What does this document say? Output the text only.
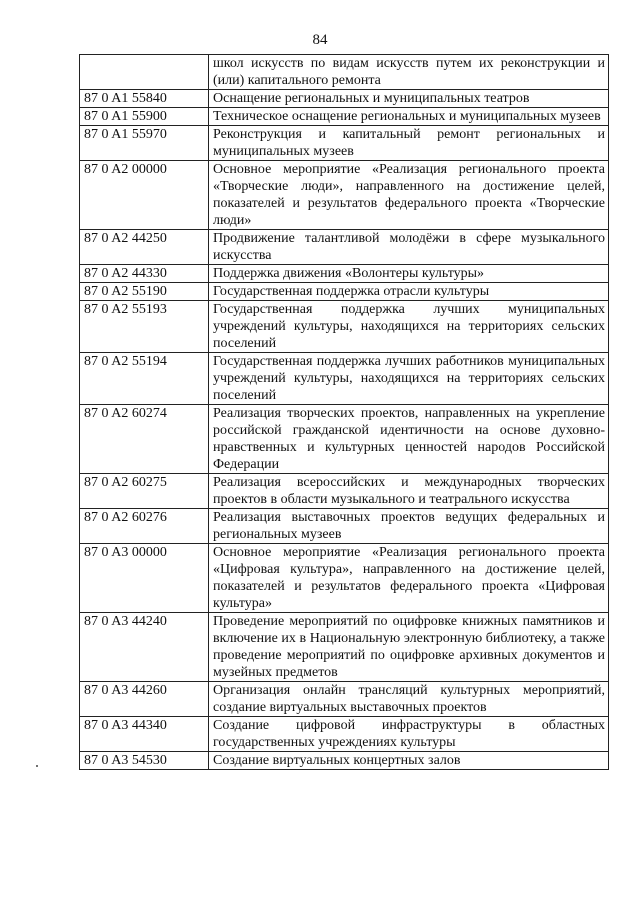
84
	школ искусств по видам искусств путем их реконструкции и (или) капитального ремонта
87 0 A1 55840	Оснащение региональных и муниципальных театров
87 0 A1 55900	Техническое оснащение региональных и муниципальных музеев
87 0 A1 55970	Реконструкция и капитальный ремонт региональных и муниципальных музеев
87 0 A2 00000	Основное мероприятие «Реализация регионального проекта «Творческие люди», направленного на достижение целей, показателей и результатов федерального проекта «Творческие люди»
87 0 A2 44250	Продвижение талантливой молодёжи в сфере музыкального искусства
87 0 A2 44330	Поддержка движения «Волонтеры культуры»
87 0 A2 55190	Государственная поддержка отрасли культуры
87 0 A2 55193	Государственная поддержка лучших муниципальных учреждений культуры, находящихся на территориях сельских поселений
87 0 A2 55194	Государственная поддержка лучших работников муниципальных учреждений культуры, находящихся на территориях сельских поселений
87 0 A2 60274	Реализация творческих проектов, направленных на укрепление российской гражданской идентичности на основе духовно-нравственных и культурных ценностей народов Российской Федерации
87 0 A2 60275	Реализация всероссийских и международных творческих проектов в области музыкального и театрального искусства
87 0 A2 60276	Реализация выставочных проектов ведущих федеральных и региональных музеев
87 0 A3 00000	Основное мероприятие «Реализация регионального проекта «Цифровая культура», направленного на достижение целей, показателей и результатов федерального проекта «Цифровая культура»
87 0 A3 44240	Проведение мероприятий по оцифровке книжных памятников и включение их в Национальную электронную библиотеку, а также проведение мероприятий по оцифровке архивных документов и музейных предметов
87 0 A3 44260	Организация онлайн трансляций культурных мероприятий, создание виртуальных выставочных проектов
87 0 A3 44340	Создание цифровой инфраструктуры в областных государственных учреждениях культуры
87 0 A3 54530	Создание виртуальных концертных залов
